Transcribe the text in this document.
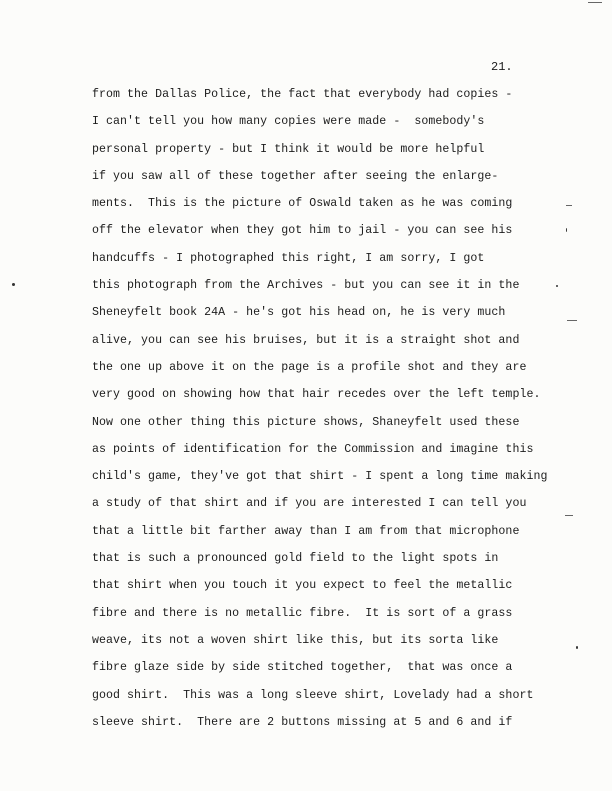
21.
from the Dallas Police, the fact that everybody had copies -
I can't tell you how many copies were made -  somebody's
personal property - but I think it would be more helpful
if you saw all of these together after seeing the enlarge-
ments.  This is the picture of Oswald taken as he was coming
off the elevator when they got him to jail - you can see his
handcuffs - I photographed this right, I am sorry, I got
this photograph from the Archives - but you can see it in the
Sheneyfelt book 24A - he's got his head on, he is very much
alive, you can see his bruises, but it is a straight shot and
the one up above it on the page is a profile shot and they are
very good on showing how that hair recedes over the left temple.
Now one other thing this picture shows, Shaneyfelt used these
as points of identification for the Commission and imagine this
child's game, they've got that shirt - I spent a long time making
a study of that shirt and if you are interested I can tell you
that a little bit farther away than I am from that microphone
that is such a pronounced gold field to the light spots in
that shirt when you touch it you expect to feel the metallic
fibre and there is no metallic fibre.  It is sort of a grass
weave, its not a woven shirt like this, but its sorta like
fibre glaze side by side stitched together,  that was once a
good shirt.  This was a long sleeve shirt, Lovelady had a short
sleeve shirt.  There are 2 buttons missing at 5 and 6 and if
